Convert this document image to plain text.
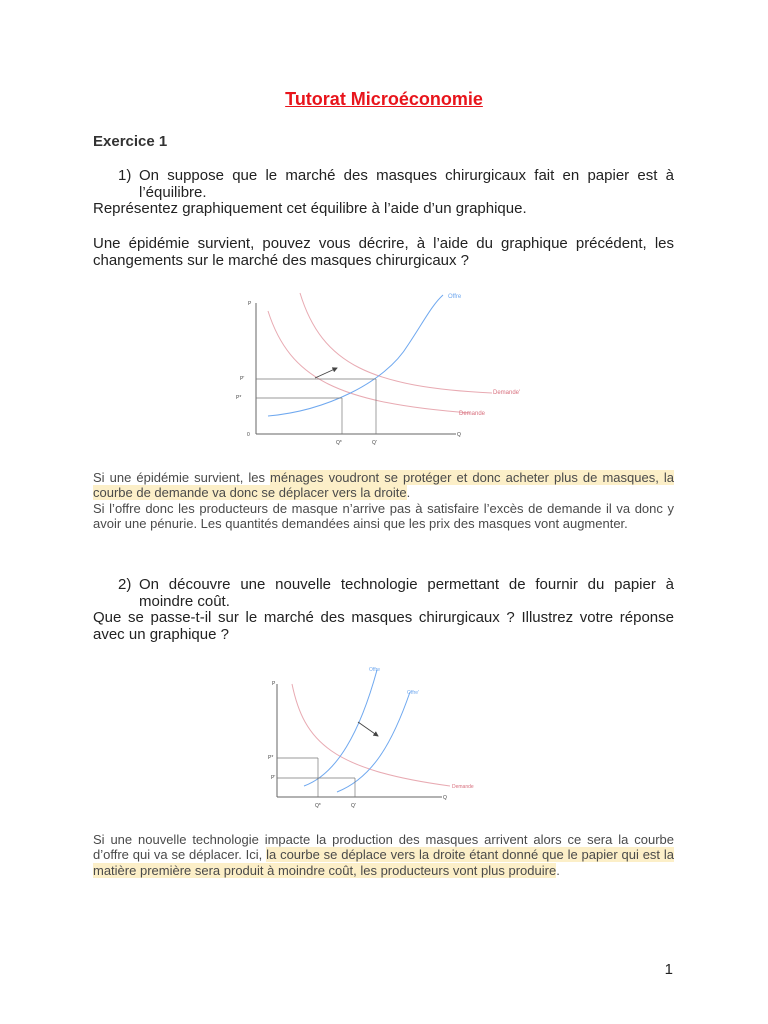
Tutorat Microéconomie
Exercice 1
1) On suppose que le marché des masques chirurgicaux fait en papier est à
l’équilibre.
Représentez graphiquement cet équilibre à l’aide d’un graphique.
Une épidémie survient, pouvez vous décrire, à l’aide du graphique précédent, les changements sur le marché des masques chirurgicaux ?
P
Q
0
P'
P*
Q*	Q'
Offre
Demande'
Demande
Si une épidémie survient, les ménages voudront se protéger et donc acheter plus de masques, la courbe de demande va donc se déplacer vers la droite.
Si l’offre donc les producteurs de masque n’arrive pas à satisfaire l’excès de demande il va donc y avoir une pénurie. Les quantités demandées ainsi que les prix des masques vont augmenter.
2) On découvre une nouvelle technologie permettant de fournir du papier à
moindre coût.
Que se passe-t-il sur le marché des masques chirurgicaux ? Illustrez votre réponse avec un graphique ?
P
Q
P*
P'
Q*	Q'
Offre
Offre'
Demande
Si une nouvelle technologie impacte la production des masques arrivent alors ce sera la courbe d’offre qui va se déplacer. Ici, la courbe se déplace vers la droite étant donné que le papier qui est la matière première sera produit à moindre coût, les producteurs vont plus produire.
1
